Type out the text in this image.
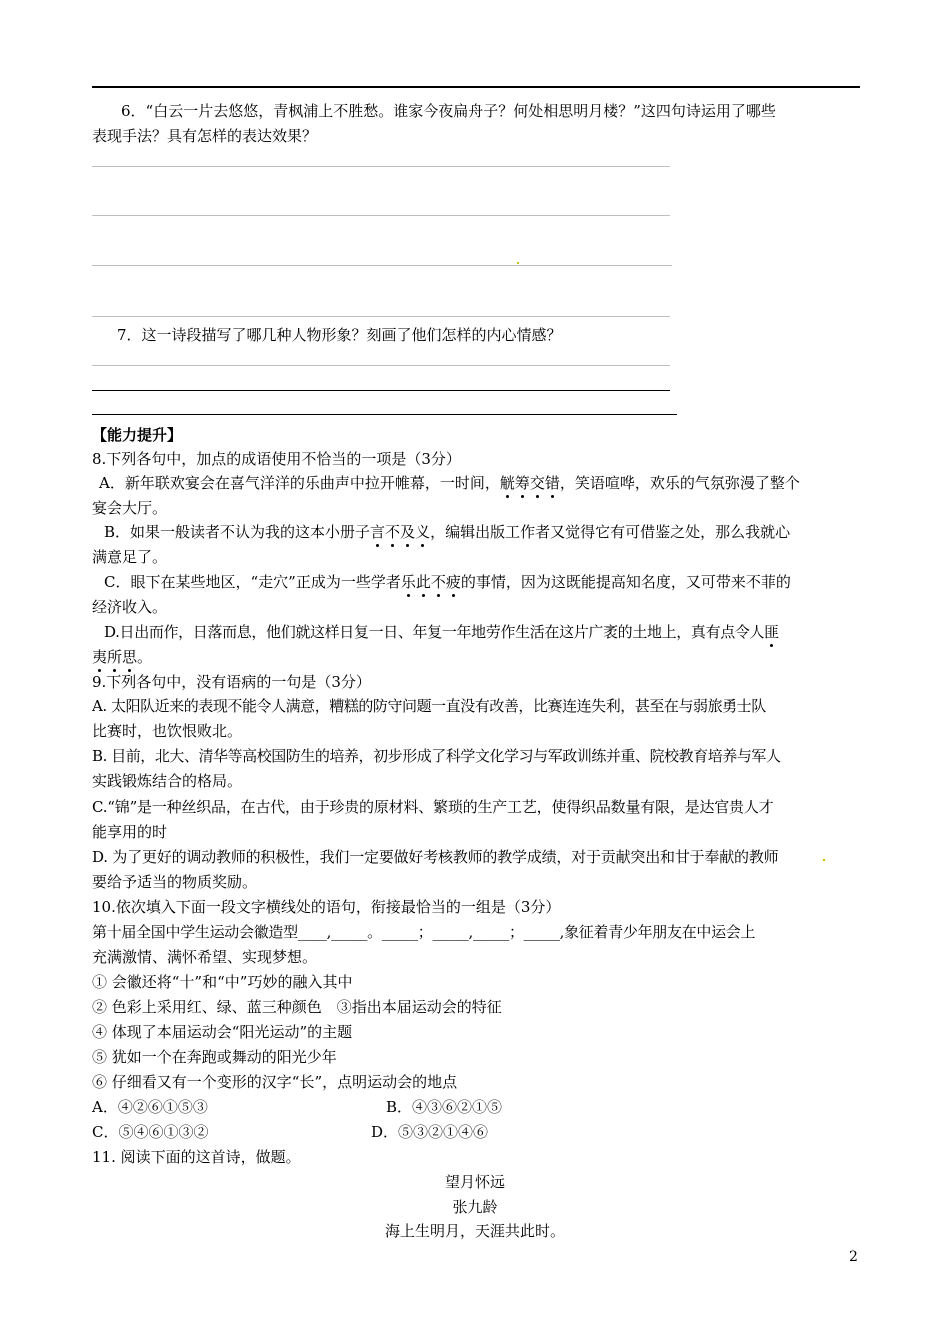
6．“白云一片去悠悠，青枫浦上不胜愁。谁家今夜扁舟子？何处相思明月楼？”这四句诗运用了哪些
表现手法？具有怎样的表达效果？
7．这一诗段描写了哪几种人物形象？刻画了他们怎样的内心情感？
【能力提升】
8.下列各句中，加点的成语使用不恰当的一项是（3分）
A．新年联欢宴会在喜气洋洋的乐曲声中拉开帷幕，一时间，觥筹交错，笑语喧哗，欢乐的气氛弥漫了整个
宴会大厅。
B．如果一般读者不认为我的这本小册子言不及义，编辑出版工作者又觉得它有可借鉴之处，那么我就心
满意足了。
C．眼下在某些地区，“走穴”正成为一些学者乐此不疲的事情，因为这既能提高知名度，又可带来不菲的
经济收入。
D.日出而作，日落而息，他们就这样日复一日、年复一年地劳作生活在这片广袤的土地上，真有点令人匪
夷所思。
9.下列各句中，没有语病的一句是（3分）
A. 太阳队近来的表现不能令人满意，糟糕的防守问题一直没有改善，比赛连连失利，甚至在与弱旅勇士队
比赛时，也饮恨败北。
B. 目前，北大、清华等高校国防生的培养，初步形成了科学文化学习与军政训练并重、院校教育培养与军人
实践锻炼结合的格局。
C.“锦”是一种丝织品，在古代，由于珍贵的原材料、繁琐的生产工艺，使得织品数量有限，是达官贵人才
能享用的时
D. 为了更好的调动教师的积极性，我们一定要做好考核教师的教学成绩，对于贡献突出和甘于奉献的教师
要给予适当的物质奖励。
10.依次填入下面一段文字横线处的语句，衔接最恰当的一组是（3分）
第十届全国中学生运动会徽造型____,_____。_____；_____,_____；_____,象征着青少年朋友在中运会上
充满激情、满怀希望、实现梦想。
① 会徽还将“十”和“中”巧妙的融入其中
② 色彩上采用红、绿、蓝三种颜色　③指出本届运动会的特征
④ 体现了本届运动会“阳光运动”的主题
⑤ 犹如一个在奔跑或舞动的阳光少年
⑥ 仔细看又有一个变形的汉字“长”，点明运动会的地点
A．④②⑥①⑤③	B．④③⑥②①⑤
C．⑤④⑥①③②	D．⑤③②①④⑥
11. 阅读下面的这首诗，做题。
望月怀远
张九龄
海上生明月，天涯共此时。
2
